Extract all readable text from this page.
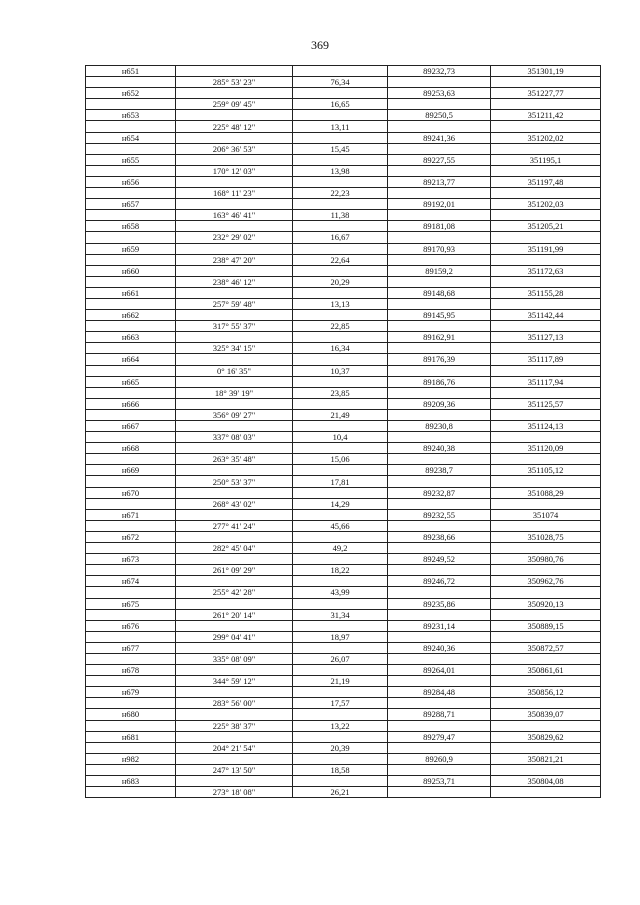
369
н651			89232,73	351301,19
	285° 53' 23"	76,34		
н652			89253,63	351227,77
	259° 09' 45"	16,65		
н653			89250,5	351211,42
	225° 48' 12"	13,11		
н654			89241,36	351202,02
	206° 36' 53"	15,45		
н655			89227,55	351195,1
	170° 12' 03"	13,98		
н656			89213,77	351197,48
	168° 11' 23"	22,23		
н657			89192,01	351202,03
	163° 46' 41"	11,38		
н658			89181,08	351205,21
	232° 29' 02"	16,67		
н659			89170,93	351191,99
	238° 47' 20"	22,64		
н660			89159,2	351172,63
	238° 46' 12"	20,29		
н661			89148,68	351155,28
	257° 59' 48"	13,13		
н662			89145,95	351142,44
	317° 55' 37"	22,85		
н663			89162,91	351127,13
	325° 34' 15"	16,34		
н664			89176,39	351117,89
	0° 16' 35"	10,37		
н665			89186,76	351117,94
	18° 39' 19"	23,85		
н666			89209,36	351125,57
	356° 09' 27"	21,49		
н667			89230,8	351124,13
	337° 08' 03"	10,4		
н668			89240,38	351120,09
	263° 35' 48"	15,06		
н669			89238,7	351105,12
	250° 53' 37"	17,81		
н670			89232,87	351088,29
	268° 43' 02"	14,29		
н671			89232,55	351074
	277° 41' 24"	45,66		
н672			89238,66	351028,75
	282° 45' 04"	49,2		
н673			89249,52	350980,76
	261° 09' 29"	18,22		
н674			89246,72	350962,76
	255° 42' 28"	43,99		
н675			89235,86	350920,13
	261° 20' 14"	31,34		
н676			89231,14	350889,15
	299° 04' 41"	18,97		
н677			89240,36	350872,57
	335° 08' 09"	26,07		
н678			89264,01	350861,61
	344° 59' 12"	21,19		
н679			89284,48	350856,12
	283° 56' 00"	17,57		
н680			89288,71	350839,07
	225° 38' 37"	13,22		
н681			89279,47	350829,62
	204° 21' 54"	20,39		
н982			89260,9	350821,21
	247° 13' 50"	18,58		
н683			89253,71	350804,08
	273° 18' 08"	26,21		
